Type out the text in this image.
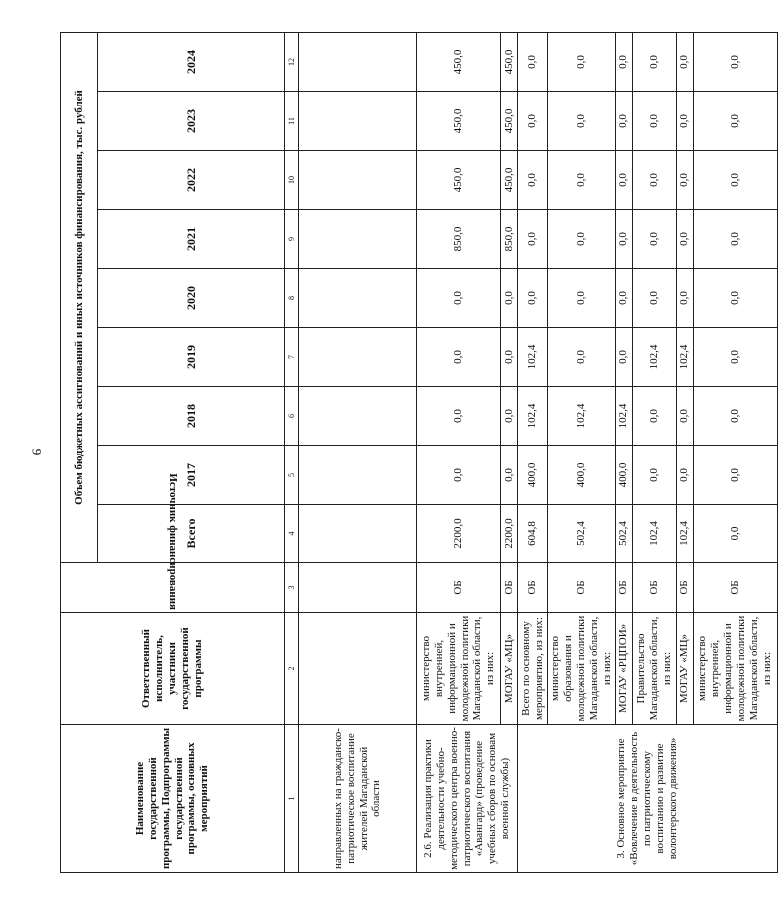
9
Наименование государственной программы, Подпрограммы государственной программы, основных мероприятий	Ответственный исполнитель, участники государственной программы	Источник финансирования	Объем бюджетных ассигнований и иных источников финансирования, тыс. рублей								
			Всего	2017	2018	2019	2020	2021	2022	2023	2024
1	2	3	4	5	6	7	8	9	10	11	12
направленных на гражданско-патриотическое воспитание жителей Магаданской области											
2.6. Реализация практики деятельности учебно-методического центра военно-патриотического воспитания «Авангард» (проведение учебных сборов по основам военной службы)	министерство внутренней, информационной и молодежной политики Магаданской области, из них:	ОБ	2200,0	0,0	0,0	0,0	0,0	850,0	450,0	450,0	450,0
	МОГАУ «МЦ»	ОБ	2200,0	0,0	0,0	0,0	0,0	850,0	450,0	450,0	450,0
3. Основное мероприятие «Вовлечение в деятельность по патриотическому воспитанию и развитие волонтерского движения»	Всего по основному мероприятию, из них:	ОБ	604,8	400,0	102,4	102,4	0,0	0,0	0,0	0,0	0,0
	министерство образования и молодежной политики Магаданской области, из них:	ОБ	502,4	400,0	102,4	0,0	0,0	0,0	0,0	0,0	0,0
	МОГАУ «РЦПОИ»	ОБ	502,4	400,0	102,4	0,0	0,0	0,0	0,0	0,0	0,0
	Правительство Магаданской области, из них:	ОБ	102,4	0,0	0,0	102,4	0,0	0,0	0,0	0,0	0,0
	МОГАУ «МЦ»	ОБ	102,4	0,0	0,0	102,4	0,0	0,0	0,0	0,0	0,0
	министерство внутренней, информационной и молодежной политики Магаданской области, из них:	ОБ	0,0	0,0	0,0	0,0	0,0	0,0	0,0	0,0	0,0
